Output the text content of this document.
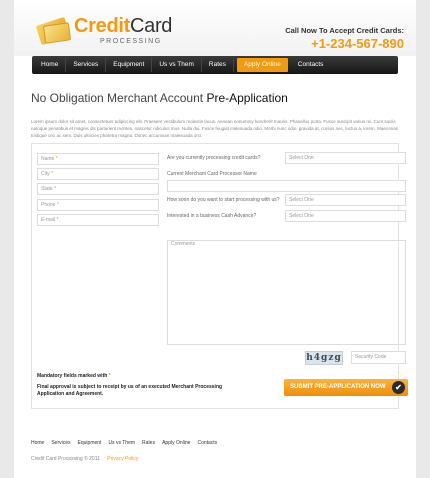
CreditCard
PROCESSING
Call Now To Accept Credit Cards:
+1-234-567-890
Home	Services	Equipment	Us vs Them	Rates	Apply Online	Contacts
No Obligation Merchant Account Pre-Application
Lorem ipsum dolor sit amet, consectetuer adipiscing elit. Praesent vestibulum molestie lacus. Aenean nonummy hendrerit mauris. Phasellus porta. Fusce suscipit varius mi. Cum sociis natoque penatibus et magnis dis parturient montes, nascetur ridiculus mus. Nulla dui. Fusce feugiat malesuada odio. Morbi nunc odio, gravida at, cursus nec, luctus a, lorem. Maecenas tristique orci ac sem. Duis ultricies pharetra magna. Donec accumsan malesuada orci.
Name *
City *
State *
Phone *
E-mail *
Are you currently processing credit cards?	Select One
Current Merchant Card Processor Name
How soon do you want to start processing with us?	Select One
Interested in a business Cash Advance?	Select One
Comments
h4gzg	Security Code
Mandatory fields marked with *
Final approval is subject to receipt by us of an executed Merchant Processing Application and Agreement.
SUBMIT PRE-APPLICATION NOW	✔
Home Services Equipment Us vs Them Rates Apply Online Contacts
Credit Card Processing © 2011 Privacy Policy
